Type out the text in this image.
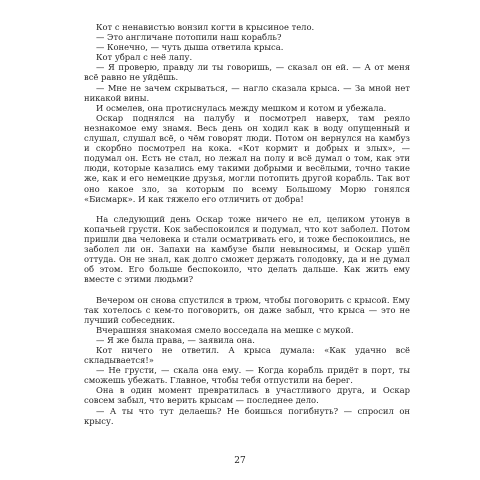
Кот с ненавистью вонзил когти в крысиное тело.

— Это англичане потопили наш корабль?

— Конечно, — чуть дыша ответила крыса.

Кот убрал с неё лапу.

— Я проверю, правду ли ты говоришь, — сказал он ей. — А от меня всё равно не уйдёшь.

— Мне не зачем скрываться, — нагло сказала крыса. — За мной нет никакой вины.

И осмелев, она протиснулась между мешком и котом и убежала.

Оскар поднялся на палубу и посмотрел наверх, там реяло незнакомое ему знамя. Весь день он ходил как в воду опущенный и слушал, слушал всё, о чём говорят люди. Потом он вернулся на камбуз и скорбно посмотрел на кока. «Кот кормит и добрых и злых», — подумал он. Есть не стал, но лежал на полу и всё думал о том, как эти люди, которые казались ему такими добрыми и весёлыми, точно такие же, как и его немецкие друзья, могли потопить другой корабль. Так вот оно какое зло, за которым по всему Большому Морю гонялся «Бисмарк». И как тяжело его отличить от добра!

На следующий день Оскар тоже ничего не ел, целиком утонув в копачьей грусти. Кок забеспокоился и подумал, что кот заболел. Потом пришли два человека и стали осматривать его, и тоже беспокоились, не заболел ли он. Запахи на камбузе были невыносимы, и Оскар ушёл оттуда. Он не знал, как долго сможет держать голодовку, да и не думал об этом. Его больше беспокоило, что делать дальше. Как жить ему вместе с этими людьми?

Вечером он снова спустился в трюм, чтобы поговорить с крысой. Ему так хотелось с кем-то поговорить, он даже забыл, что крыса — это не лучший собеседник.

Вчерашняя знакомая смело восседала на мешке с мукой.

— Я же была права, — заявила она.

Кот ничего не ответил. А крыса думала: «Как удачно всё складывается!»

— Не грусти, — скала она ему. — Когда корабль придёт в порт, ты сможешь убежать. Главное, чтобы тебя отпустили на берег.

Она в один момент превратилась в участливого друга, и Оскар совсем забыл, что верить крысам — последнее дело.

— А ты что тут делаешь? Не боишься погибнуть? — спросил он крысу.

27
